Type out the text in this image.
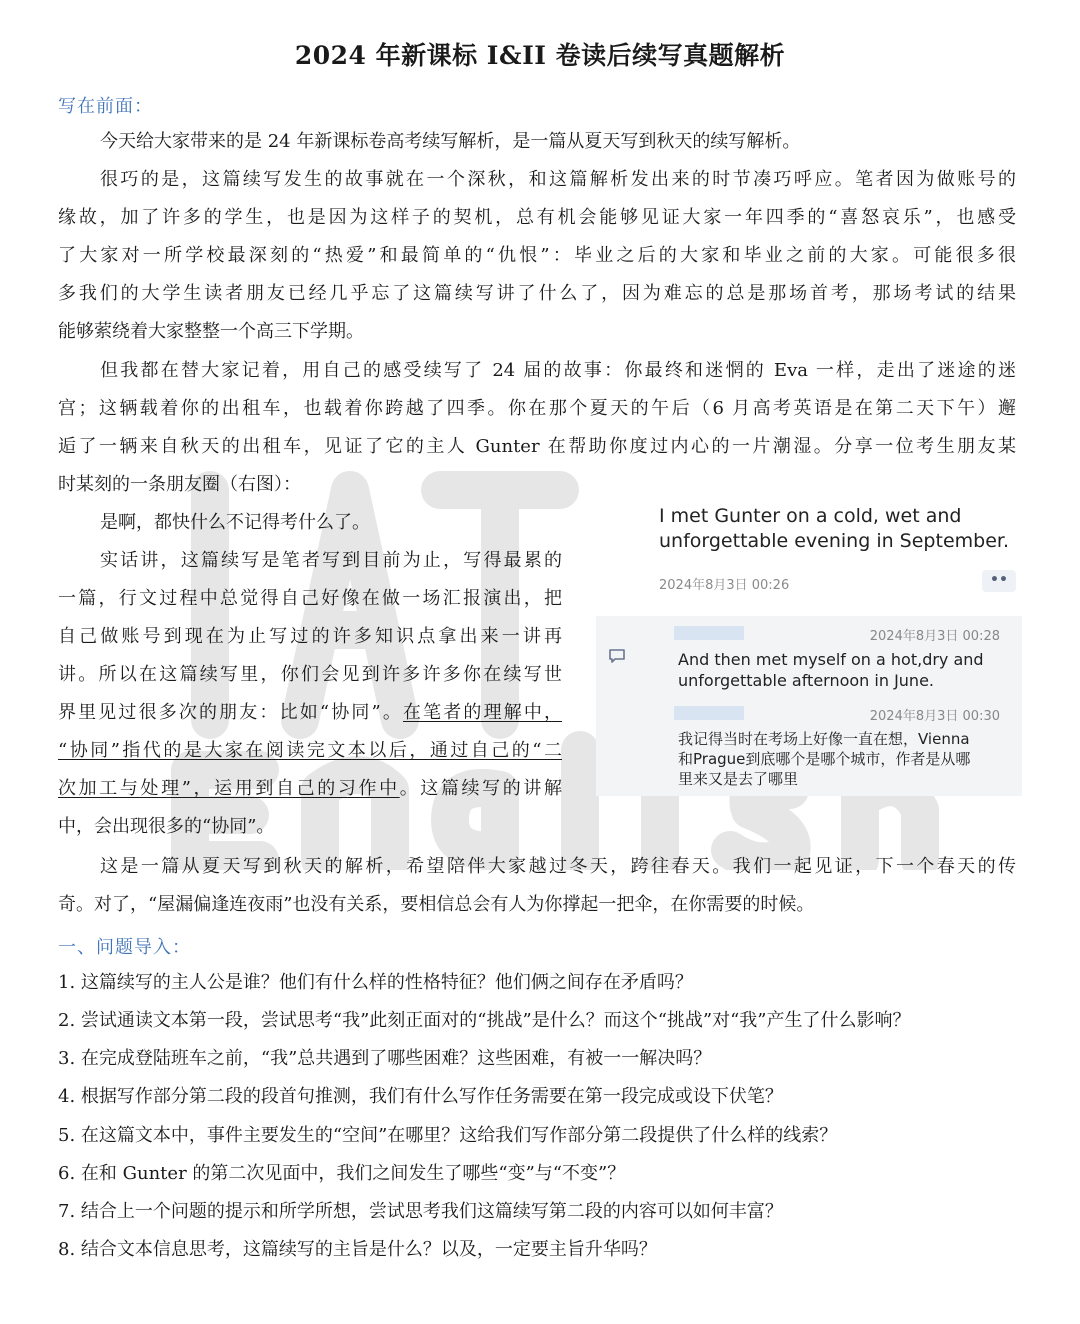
2024 年新课标 I&II 卷读后续写真题解析
写在前面：
今天给大家带来的是 24 年新课标卷高考续写解析，是一篇从夏天写到秋天的续写解析。
很巧的是，这篇续写发生的故事就在一个深秋，和这篇解析发出来的时节凑巧呼应。笔者因为做账号的
缘故，加了许多的学生，也是因为这样子的契机，总有机会能够见证大家一年四季的“喜怒哀乐”，也感受
了大家对一所学校最深刻的“热爱”和最简单的“仇恨”：毕业之后的大家和毕业之前的大家。可能很多很
多我们的大学生读者朋友已经几乎忘了这篇续写讲了什么了，因为难忘的总是那场首考，那场考试的结果
能够萦绕着大家整整一个高三下学期。
但我都在替大家记着，用自己的感受续写了 24 届的故事：你最终和迷惘的 Eva 一样，走出了迷途的迷
宫；这辆载着你的出租车，也载着你跨越了四季。你在那个夏天的午后（6 月高考英语是在第二天下午）邂
逅了一辆来自秋天的出租车，见证了它的主人 Gunter 在帮助你度过内心的一片潮湿。分享一位考生朋友某
时某刻的一条朋友圈（右图）：
是啊，都快什么不记得考什么了。
实话讲，这篇续写是笔者写到目前为止，写得最累的
一篇，行文过程中总觉得自己好像在做一场汇报演出，把
自己做账号到现在为止写过的许多知识点拿出来一讲再
讲。所以在这篇续写里，你们会见到许多许多你在续写世
界里见过很多次的朋友：比如“协同”。在笔者的理解中，
“协同”指代的是大家在阅读完文本以后，通过自己的“二
次加工与处理”，运用到自己的习作中。这篇续写的讲解
中，会出现很多的“协同”。
这是一篇从夏天写到秋天的解析，希望陪伴大家越过冬天，跨往春天。我们一起见证，下一个春天的传
奇。对了，“屋漏偏逢连夜雨”也没有关系，要相信总会有人为你撑起一把伞，在你需要的时候。
I met Gunter on a cold, wet and
unforgettable evening in September.
2024年8月3日 00:26	••
2024年8月3日 00:28
And then met myself on a hot,dry and
unforgettable afternoon in June.
2024年8月3日 00:30
我记得当时在考场上好像一直在想，Vienna
和Prague到底哪个是哪个城市，作者是从哪
里来又是去了哪里
一、问题导入：
1. 这篇续写的主人公是谁？他们有什么样的性格特征？他们俩之间存在矛盾吗？
2. 尝试通读文本第一段，尝试思考“我”此刻正面对的“挑战”是什么？而这个“挑战”对“我”产生了什么影响？
3. 在完成登陆班车之前，“我”总共遇到了哪些困难？这些困难，有被一一解决吗？
4. 根据写作部分第二段的段首句推测，我们有什么写作任务需要在第一段完成或设下伏笔？
5. 在这篇文本中，事件主要发生的“空间”在哪里？这给我们写作部分第二段提供了什么样的线索？
6. 在和 Gunter 的第二次见面中，我们之间发生了哪些“变”与“不变”？
7. 结合上一个问题的提示和所学所想，尝试思考我们这篇续写第二段的内容可以如何丰富？
8. 结合文本信息思考，这篇续写的主旨是什么？以及，一定要主旨升华吗？
